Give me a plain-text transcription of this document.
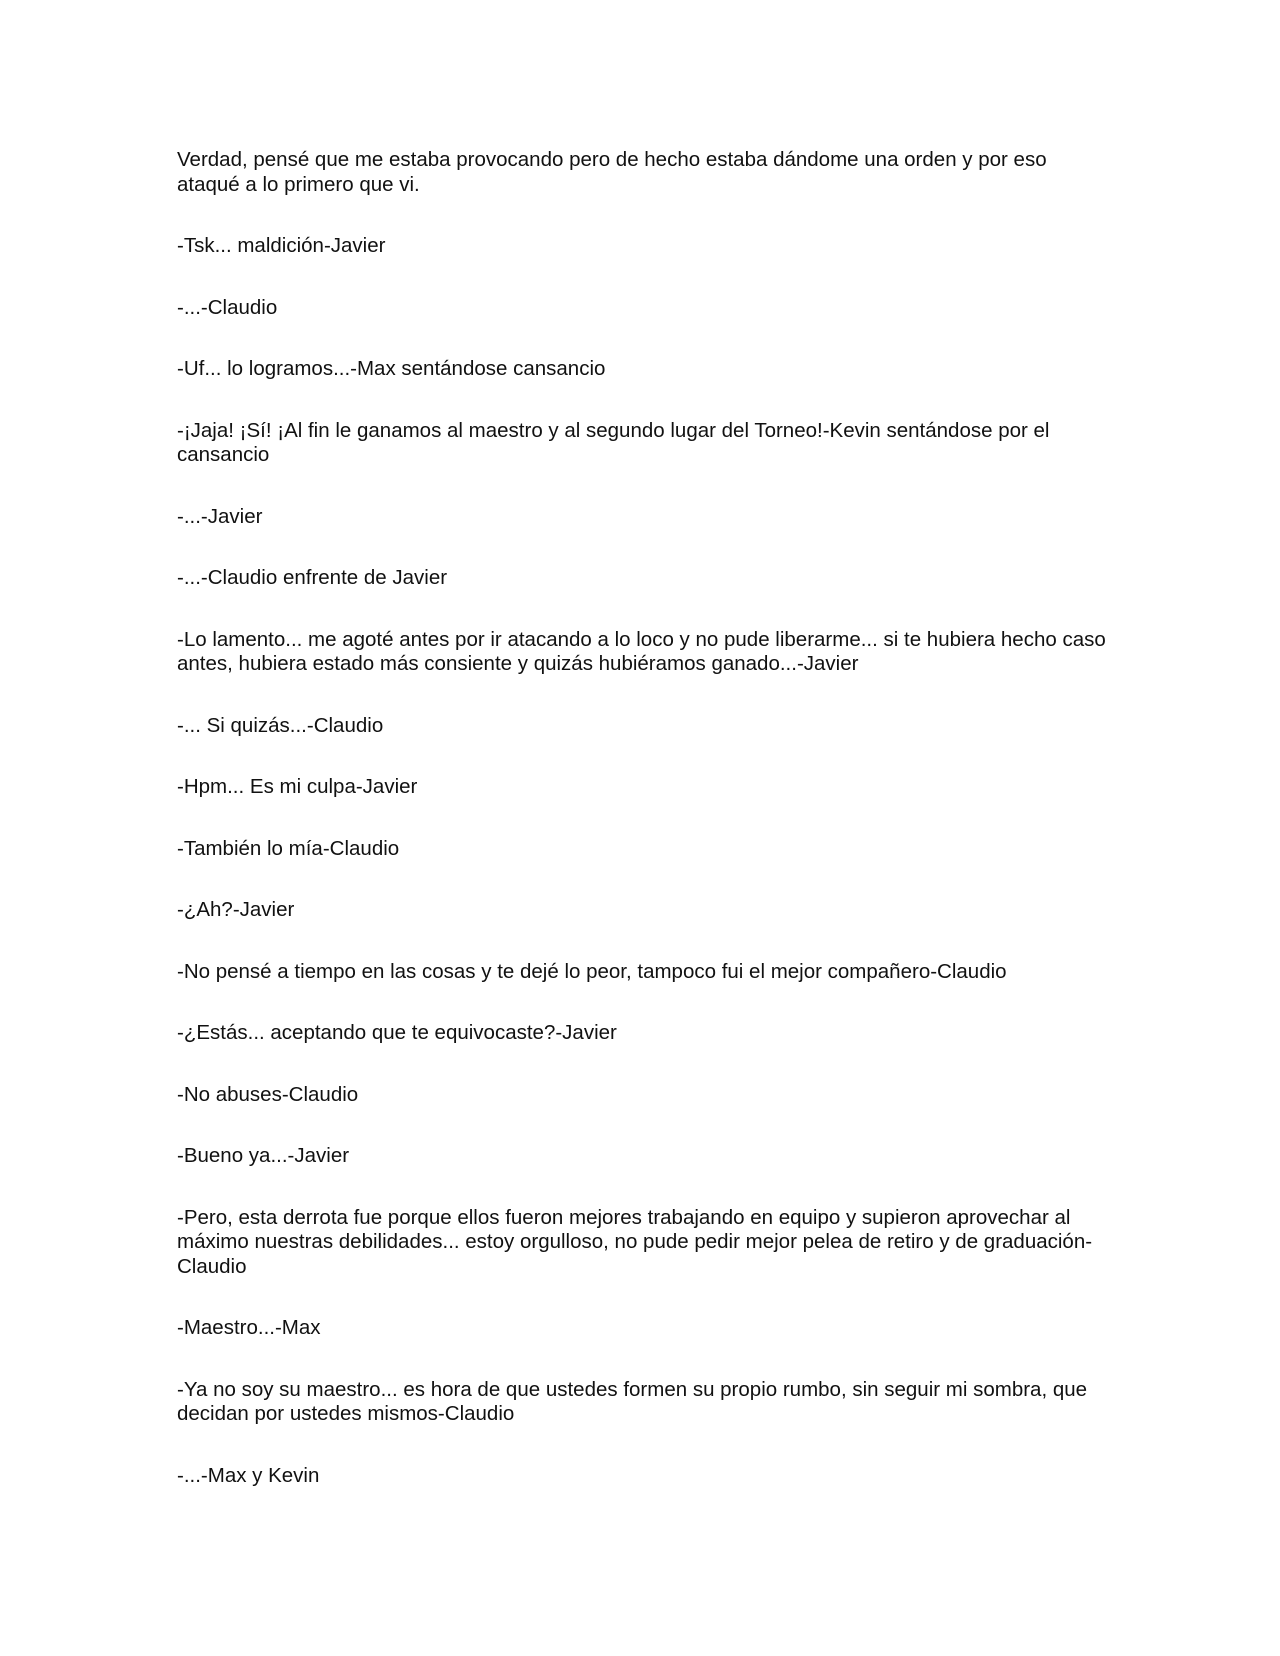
Verdad, pensé que me estaba provocando pero de hecho estaba dándome una orden y por eso ataqué a lo primero que vi.

-Tsk... maldición-Javier

-...-Claudio

-Uf... lo logramos...-Max sentándose cansancio

-¡Jaja! ¡Sí! ¡Al fin le ganamos al maestro y al segundo lugar del Torneo!-Kevin sentándose por el cansancio

-...-Javier

-...-Claudio enfrente de Javier

-Lo lamento... me agoté antes por ir atacando a lo loco y no pude liberarme... si te hubiera hecho caso antes, hubiera estado más consiente y quizás hubiéramos ganado...-Javier

-... Si quizás...-Claudio

-Hpm... Es mi culpa-Javier

-También lo mía-Claudio

-¿Ah?-Javier

-No pensé a tiempo en las cosas y te dejé lo peor, tampoco fui el mejor compañero-Claudio

-¿Estás... aceptando que te equivocaste?-Javier

-No abuses-Claudio

-Bueno ya...-Javier

-Pero, esta derrota fue porque ellos fueron mejores trabajando en equipo y supieron aprovechar al máximo nuestras debilidades... estoy orgulloso, no pude pedir mejor pelea de retiro y de graduación-Claudio

-Maestro...-Max

-Ya no soy su maestro... es hora de que ustedes formen su propio rumbo, sin seguir mi sombra, que decidan por ustedes mismos-Claudio

-...-Max y Kevin
